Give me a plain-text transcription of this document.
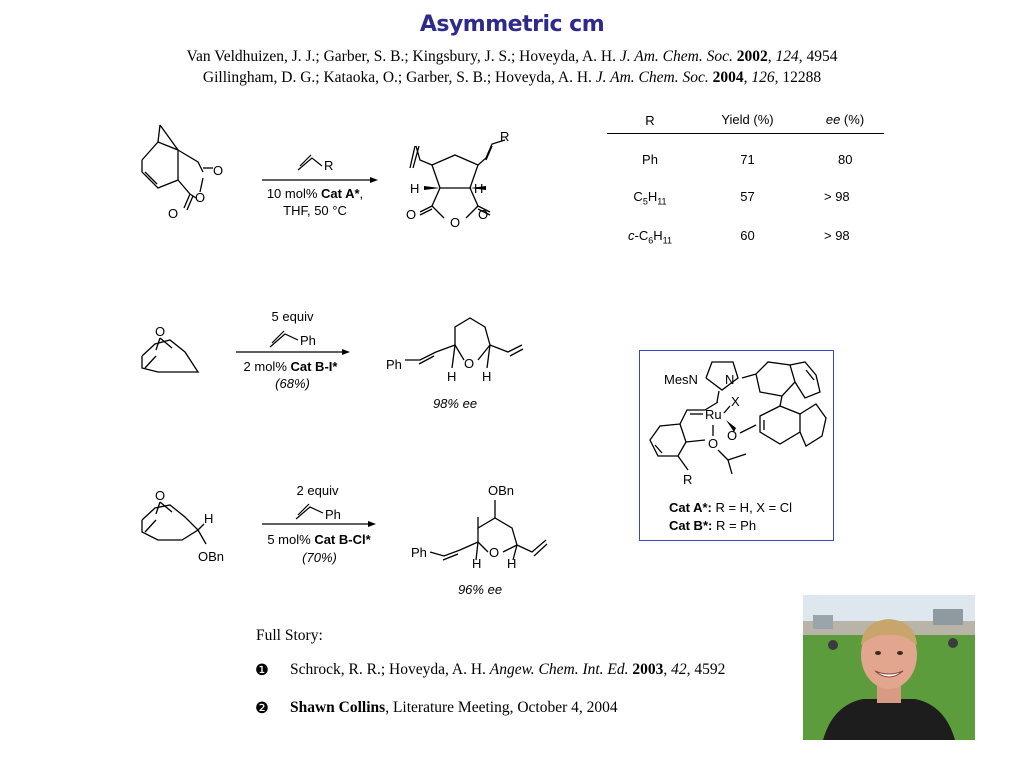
Asymmetric cm
Van Veldhuizen, J. J.; Garber, S. B.; Kingsbury, J. S.; Hoveyda, A. H. J. Am. Chem. Soc. 2002, 124, 4954
Gillingham, D. G.; Kataoka, O.; Garber, S. B.; Hoveyda, A. H. J. Am. Chem. Soc. 2004, 126, 12288
R	Yield (%)	ee (%)
Ph	71	80
$C_5H_{11}$	57	> 98
$c-C_6H_{11}$	60	> 98
O
O
O
R
10 mol% Cat A*,
THF, 50 °C
H	H
O
O
O
R
O
5 equiv
Ph
2 mol% Cat B-I*
(68%)
O
Ph
H H
98% ee
O
H
OBn
2 equiv
Ph
5 mol% Cat B-Cl*
(70%)
OBn
O
Ph
H H
96% ee
MesN N
Ru
X
O
O
R
Cat A*: R = H, X = Cl
Cat B*: R = Ph
Full Story:
❶ Schrock, R. R.; Hoveyda, A. H. Angew. Chem. Int. Ed. 2003, 42, 4592
❷ Shawn Collins, Literature Meeting, October 4, 2004
